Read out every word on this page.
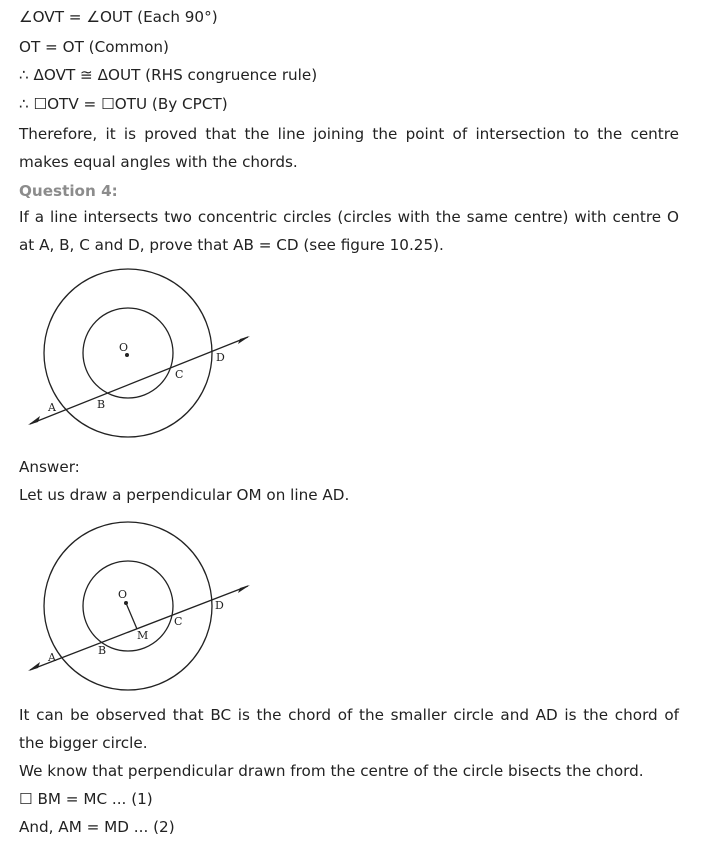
∠OVT = ∠OUT (Each 90°)
OT = OT (Common)
∴ ΔOVT ≅ ΔOUT (RHS congruence rule)
∴ ☐OTV = ☐OTU (By CPCT)
Therefore, it is proved that the line joining the point of intersection to the centre
makes equal angles with the chords.
Question 4:
If a line intersects two concentric circles (circles with the same centre) with centre O
at A, B, C and D, prove that AB = CD (see figure 10.25).
O
A	B
C
D
Answer:
Let us draw a perpendicular OM on line AD.
O
A
B
M
C
D
It can be observed that BC is the chord of the smaller circle and AD is the chord of
the bigger circle.
We know that perpendicular drawn from the centre of the circle bisects the chord.
☐ BM = MC ... (1)
And, AM = MD ... (2)
